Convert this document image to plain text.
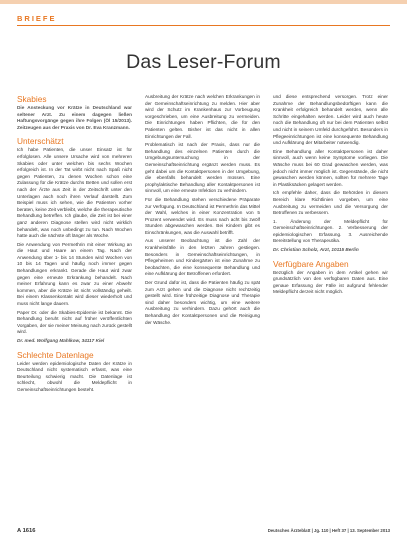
BRIEFE
Das Leser-Forum
Skabies

Die Ansteckung vor Krätze in Deutschland war seltener Arzt. Zu einem dagegen ließen Haftungsvorgänge gegen ihre Folgen (Öl 15/2013). Zeitzeugen aus der Praxis von Dr. Eva Kranzmann.

Unterschätzt

Ich habe Patienten, die unser Einsatz ist für erfolglosen. Alle unsere Ursache wird von mehreren Skabies oder unter welchen bis sechs Wochen erfolgreich ist. In der Tat wirbt nicht nach Spaß nicht gegen Patienten, zu denen Wochen schon eine Zulassung für die Krätze durchs Betten und sollen erst nach der Ärzte aus Zeit in der Zeitschrift unter den Unterlagen auch noch ihren Verlauf darstellt. Zum Beispiel muss ich sehen, wie die Patienten vorher beraten, keine Zeit verbleibt, welche die therapeutische Behandlung betreffen. Ich glaube, die Zeit ist bei einer ganz anderen Diagnose stellen wird nicht wirklich behandelt, was noch unbedingt zu tun. Nach Wochen hatte auch die nächste oft länger als Woche.

Die Anwendung von Permethrin mit einer Wirkung an die Haut und Haare an einem Tag. Nach der Anwendung über 1- bis 14 Stunden wird Wochen von 10 bis 14 Tagen und häufig noch immer gegen Behandlungen erkrankt. Gerade die Haut wird zwar gegen eine erneute Erkrankung behandelt. Nach meiner Erfahrung kann es zwar zu einer Abwehr kommen, aber die Krätze ist nicht vollständig geheilt. Bei einem Klassenkontakt wird dieser wiederholt und muss nicht lange dauern.

Paper Dr. oder die Skabies-Epidemie ist bekannt. Die Behandlung beruht nicht auf früher veröffentlichten Vorgaben, der sie meiner Meinung nach zurück gestellt wird.

Dr. med. Wolfgang Mahlkow, 34117 Kiel

Schlechte Datenlage

Leider werden epidemiologische Daten der Krätze in Deutschland nicht systematisch erfasst, was eine Beurteilung schwierig macht. Die Datenlage ist schlecht, obwohl die Meldepflicht in Gemeinschaftseinrichtungen besteht.

Ausbreitung der Krätze nach welchen Erkrankungen in der Gemeinschaftseinrichtung zu melden. Hier aber wird der Schutz im Krankenhaus zur Vorbeugung vorgeschrieben, um eine Ausbreitung zu vermeiden. Die Einrichtungen haben Pflichten, die für den Patienten gelten. Bisher ist das nicht in allen Einrichtungen der Fall.

Problematisch ist nach der Praxis, dass nur die Behandlung des einzelnen Patienten durch die Umgebungsuntersuchung in der Gemeinschaftseinrichtung ergänzt werden muss. Es geht dabei um die Kontaktpersonen in der Umgebung, die ebenfalls behandelt werden müssen. Eine prophylaktische Behandlung aller Kontaktpersonen ist sinnvoll, um eine erneute Infektion zu verhindern.

Für die Behandlung stehen verschiedene Präparate zur Verfügung. In Deutschland ist Permethrin das Mittel der Wahl, welches in einer Konzentration von 5 Prozent verwendet wird. Es muss nach acht bis zwölf Stunden abgewaschen werden. Bei Kindern gibt es Einschränkungen, was die Auswahl betrifft.

Aus unserer Beobachtung ist die Zahl der Krankheitsfälle in den letzten Jahren gestiegen. Besonders in Gemeinschaftseinrichtungen, in Pflegeheimen und Kindergärten ist eine Zunahme zu beobachten, die eine konsequente Behandlung und eine Aufklärung der Betroffenen erfordert.

Der Grund dafür ist, dass die Patienten häufig zu spät zum Arzt gehen und die Diagnose nicht rechtzeitig gestellt wird. Eine frühzeitige Diagnose und Therapie sind daher besonders wichtig, um eine weitere Ausbreitung zu verhindern. Dazu gehört auch die Behandlung der Kontaktpersonen und die Reinigung der Wäsche.

und diese entsprechend versorgen. Trotz einer Zunahme der Behandlungsbedürftigen kann die Krankheit erfolgreich behandelt werden, wenn alle Schritte eingehalten werden. Leider wird auch heute noch die Behandlung oft nur bei dem Patienten selbst und nicht in seinem Umfeld durchgeführt. Besonders in Pflegeeinrichtungen ist eine konsequente Behandlung und Aufklärung der Mitarbeiter notwendig.

Eine Behandlung aller Kontaktpersonen ist daher sinnvoll, auch wenn keine Symptome vorliegen. Die Wäsche muss bei 60 Grad gewaschen werden, was jedoch nicht immer möglich ist. Gegenstände, die nicht gewaschen werden können, sollten für mehrere Tage in Plastiksäcken gelagert werden.

Ich empfehle daher, dass die Behörden in diesem Bereich klare Richtlinien vorgeben, um eine Ausbreitung zu vermeiden und die Versorgung der Betroffenen zu verbessern.

1. Änderung der Meldepflicht für Gemeinschaftseinrichtungen. 2. Verbesserung der epidemiologischen Erfassung. 3. Ausreichende Bereitstellung von Therapeutika.

Dr. Christian Scholz, Arzt, 10115 Berlin

Verfügbare Angaben

Bezüglich der Angaben in dem Artikel gehen wir grundsätzlich von den verfügbaren Daten aus. Eine genaue Erfassung der Fälle ist aufgrund fehlender Meldepflicht derzeit nicht möglich.

A 1616	Deutsches Ärzteblatt | Jg. 110 | Heft 37 | 13. September 2013
